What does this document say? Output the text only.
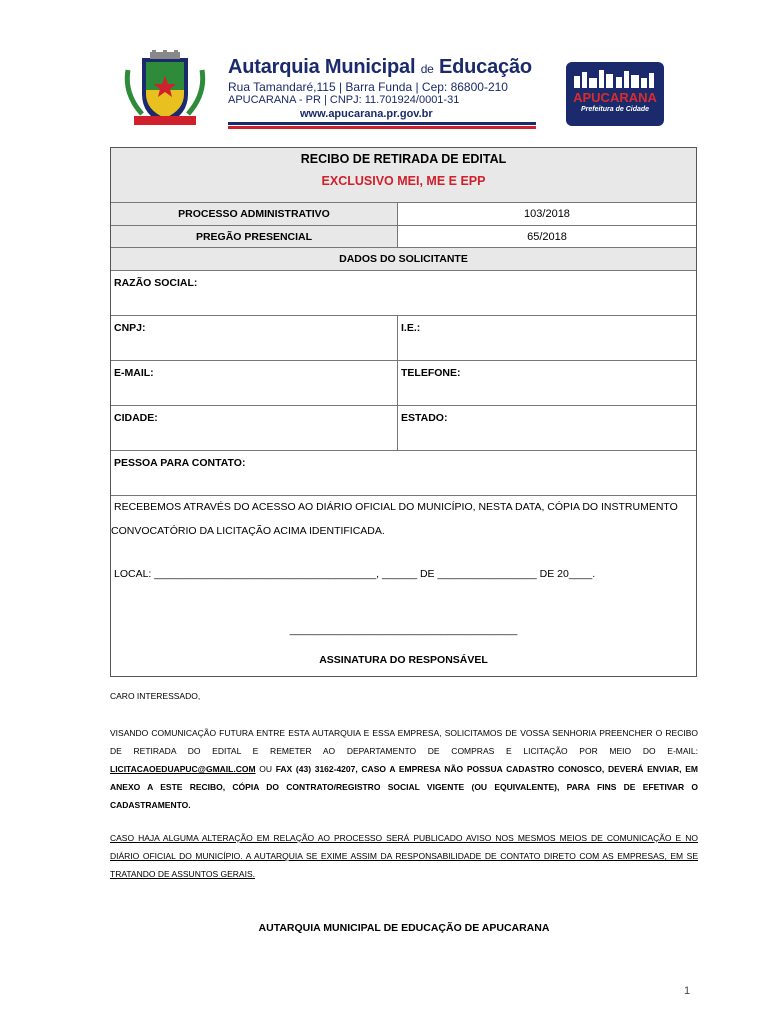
Autarquia Municipal de Educação
Rua Tamandaré,115 | Barra Funda | Cep: 86800-210
APUCARANA - PR | CNPJ: 11.701924/0001-31
www.apucarana.pr.gov.br
APUCARANA
Prefeitura de Cidade
RECIBO DE RETIRADA DE EDITAL
EXCLUSIVO MEI, ME E EPP
PROCESSO ADMINISTRATIVO	103/2018
PREGÃO PRESENCIAL	65/2018
DADOS DO SOLICITANTE
RAZÃO SOCIAL:
CNPJ:	I.E.:
E-MAIL:	TELEFONE:
CIDADE:	ESTADO:
PESSOA PARA CONTATO:
RECEBEMOS ATRAVÉS DO ACESSO AO DIÁRIO OFICIAL DO MUNICÍPIO, NESTA DATA, CÓPIA DO INSTRUMENTO
CONVOCATÓRIO DA LICITAÇÃO ACIMA IDENTIFICADA.
LOCAL: ______________________________________, ______ DE _________________ DE 20____.
_______________________________________
ASSINATURA DO RESPONSÁVEL
CARO INTERESSADO,
VISANDO COMUNICAÇÃO FUTURA ENTRE ESTA AUTARQUIA E ESSA EMPRESA, SOLICITAMOS DE VOSSA SENHORIA PREENCHER O RECIBO
DE RETIRADA DO EDITAL E REMETER AO DEPARTAMENTO DE COMPRAS E LICITAÇÃO POR MEIO DO E-MAIL:
LICITACAOEDUAPUC@GMAIL.COM OU FAX (43) 3162-4207, CASO A EMPRESA NÃO POSSUA CADASTRO CONOSCO, DEVERÁ ENVIAR, EM
ANEXO A ESTE RECIBO, CÓPIA DO CONTRATO/REGISTRO SOCIAL VIGENTE (OU EQUIVALENTE), PARA FINS DE EFETIVAR O
CADASTRAMENTO.
CASO HAJA ALGUMA ALTERAÇÃO EM RELAÇÃO AO PROCESSO SERÁ PUBLICADO AVISO NOS MESMOS MEIOS DE COMUNICAÇÃO E NO
DIÁRIO OFICIAL DO MUNICÍPIO. A AUTARQUIA SE EXIME ASSIM DA RESPONSABILIDADE DE CONTATO DIRETO COM AS EMPRESAS, EM SE
TRATANDO DE ASSUNTOS GERAIS.
AUTARQUIA MUNICIPAL DE EDUCAÇÃO DE APUCARANA
1
